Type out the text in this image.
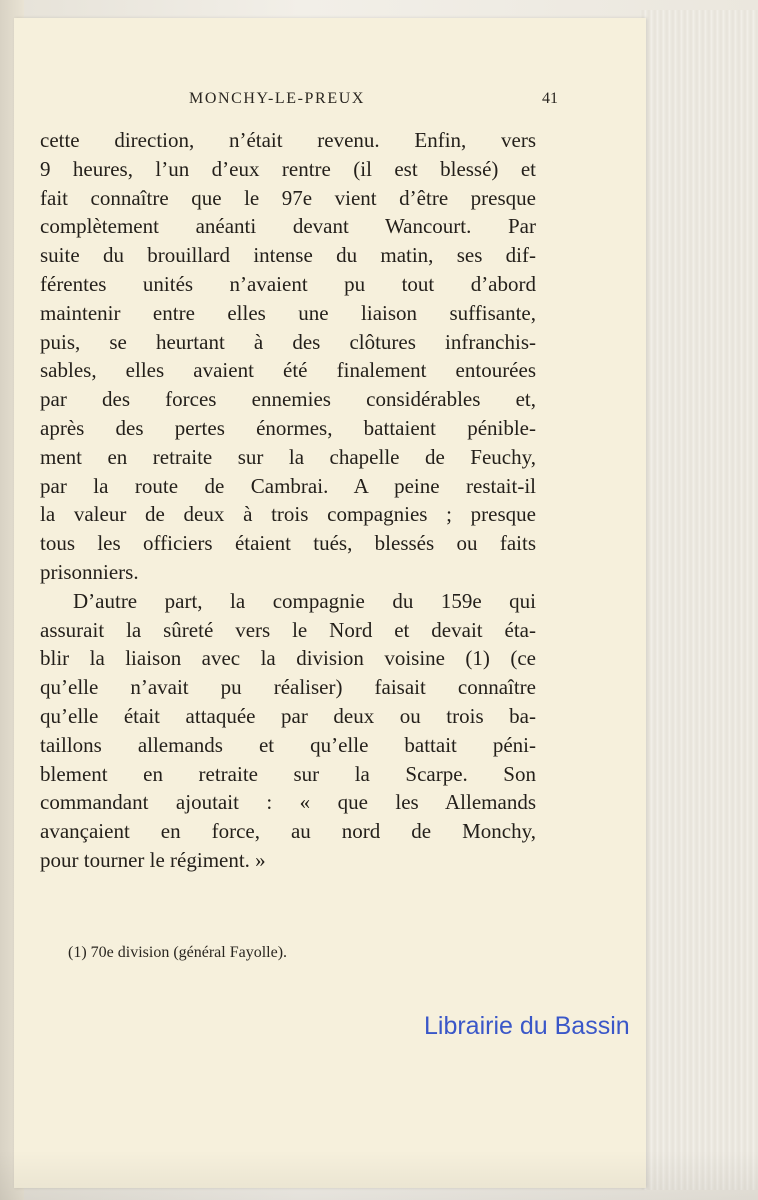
MONCHY-LE-PREUX	41
cette direction, n’était revenu. Enfin, vers
9 heures, l’un d’eux rentre (il est blessé) et
fait connaître que le 97e vient d’être presque
complètement anéanti devant Wancourt. Par
suite du brouillard intense du matin, ses dif-
férentes unités n’avaient pu tout d’abord
maintenir entre elles une liaison suffisante,
puis, se heurtant à des clôtures infranchis-
sables, elles avaient été finalement entourées
par des forces ennemies considérables et,
après des pertes énormes, battaient pénible-
ment en retraite sur la chapelle de Feuchy,
par la route de Cambrai. A peine restait-il
la valeur de deux à trois compagnies ; presque
tous les officiers étaient tués, blessés ou faits
prisonniers.
D’autre part, la compagnie du 159e qui
assurait la sûreté vers le Nord et devait éta-
blir la liaison avec la division voisine (1) (ce
qu’elle n’avait pu réaliser) faisait connaître
qu’elle était attaquée par deux ou trois ba-
taillons allemands et qu’elle battait péni-
blement en retraite sur la Scarpe. Son
commandant ajoutait : « que les Allemands
avançaient en force, au nord de Monchy,
pour tourner le régiment. »
(1) 70e division (général Fayolle).
Librairie du Bassin
